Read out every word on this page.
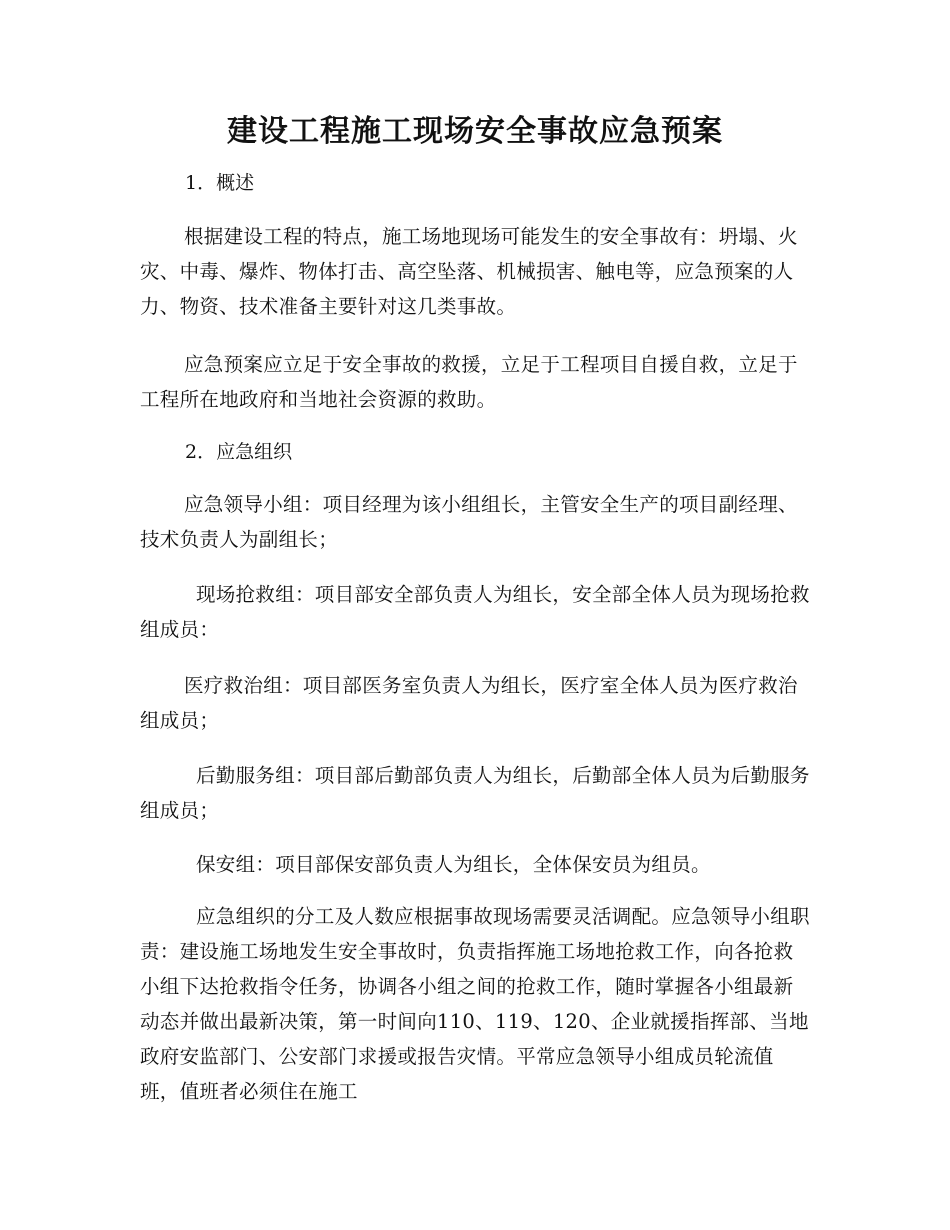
建设工程施工现场安全事故应急预案

1．概述

根据建设工程的特点，施工场地现场可能发生的安全事故有：坍塌、火灾、中毒、爆炸、物体打击、高空坠落、机械损害、触电等，应急预案的人力、物资、技术准备主要针对这几类事故。

应急预案应立足于安全事故的救援，立足于工程项目自援自救，立足于工程所在地政府和当地社会资源的救助。

2．应急组织

应急领导小组：项目经理为该小组组长，主管安全生产的项目副经理、技术负责人为副组长；

现场抢救组：项目部安全部负责人为组长，安全部全体人员为现场抢救组成员：

医疗救治组：项目部医务室负责人为组长，医疗室全体人员为医疗救治组成员；

后勤服务组：项目部后勤部负责人为组长，后勤部全体人员为后勤服务组成员；

保安组：项目部保安部负责人为组长，全体保安员为组员。

应急组织的分工及人数应根据事故现场需要灵活调配。应急领导小组职责：建设施工场地发生安全事故时，负责指挥施工场地抢救工作，向各抢救小组下达抢救指令任务，协调各小组之间的抢救工作，随时掌握各小组最新动态并做出最新决策，第一时间向110、119、120、企业就援指挥部、当地政府安监部门、公安部门求援或报告灾情。平常应急领导小组成员轮流值班，值班者必须住在施工
